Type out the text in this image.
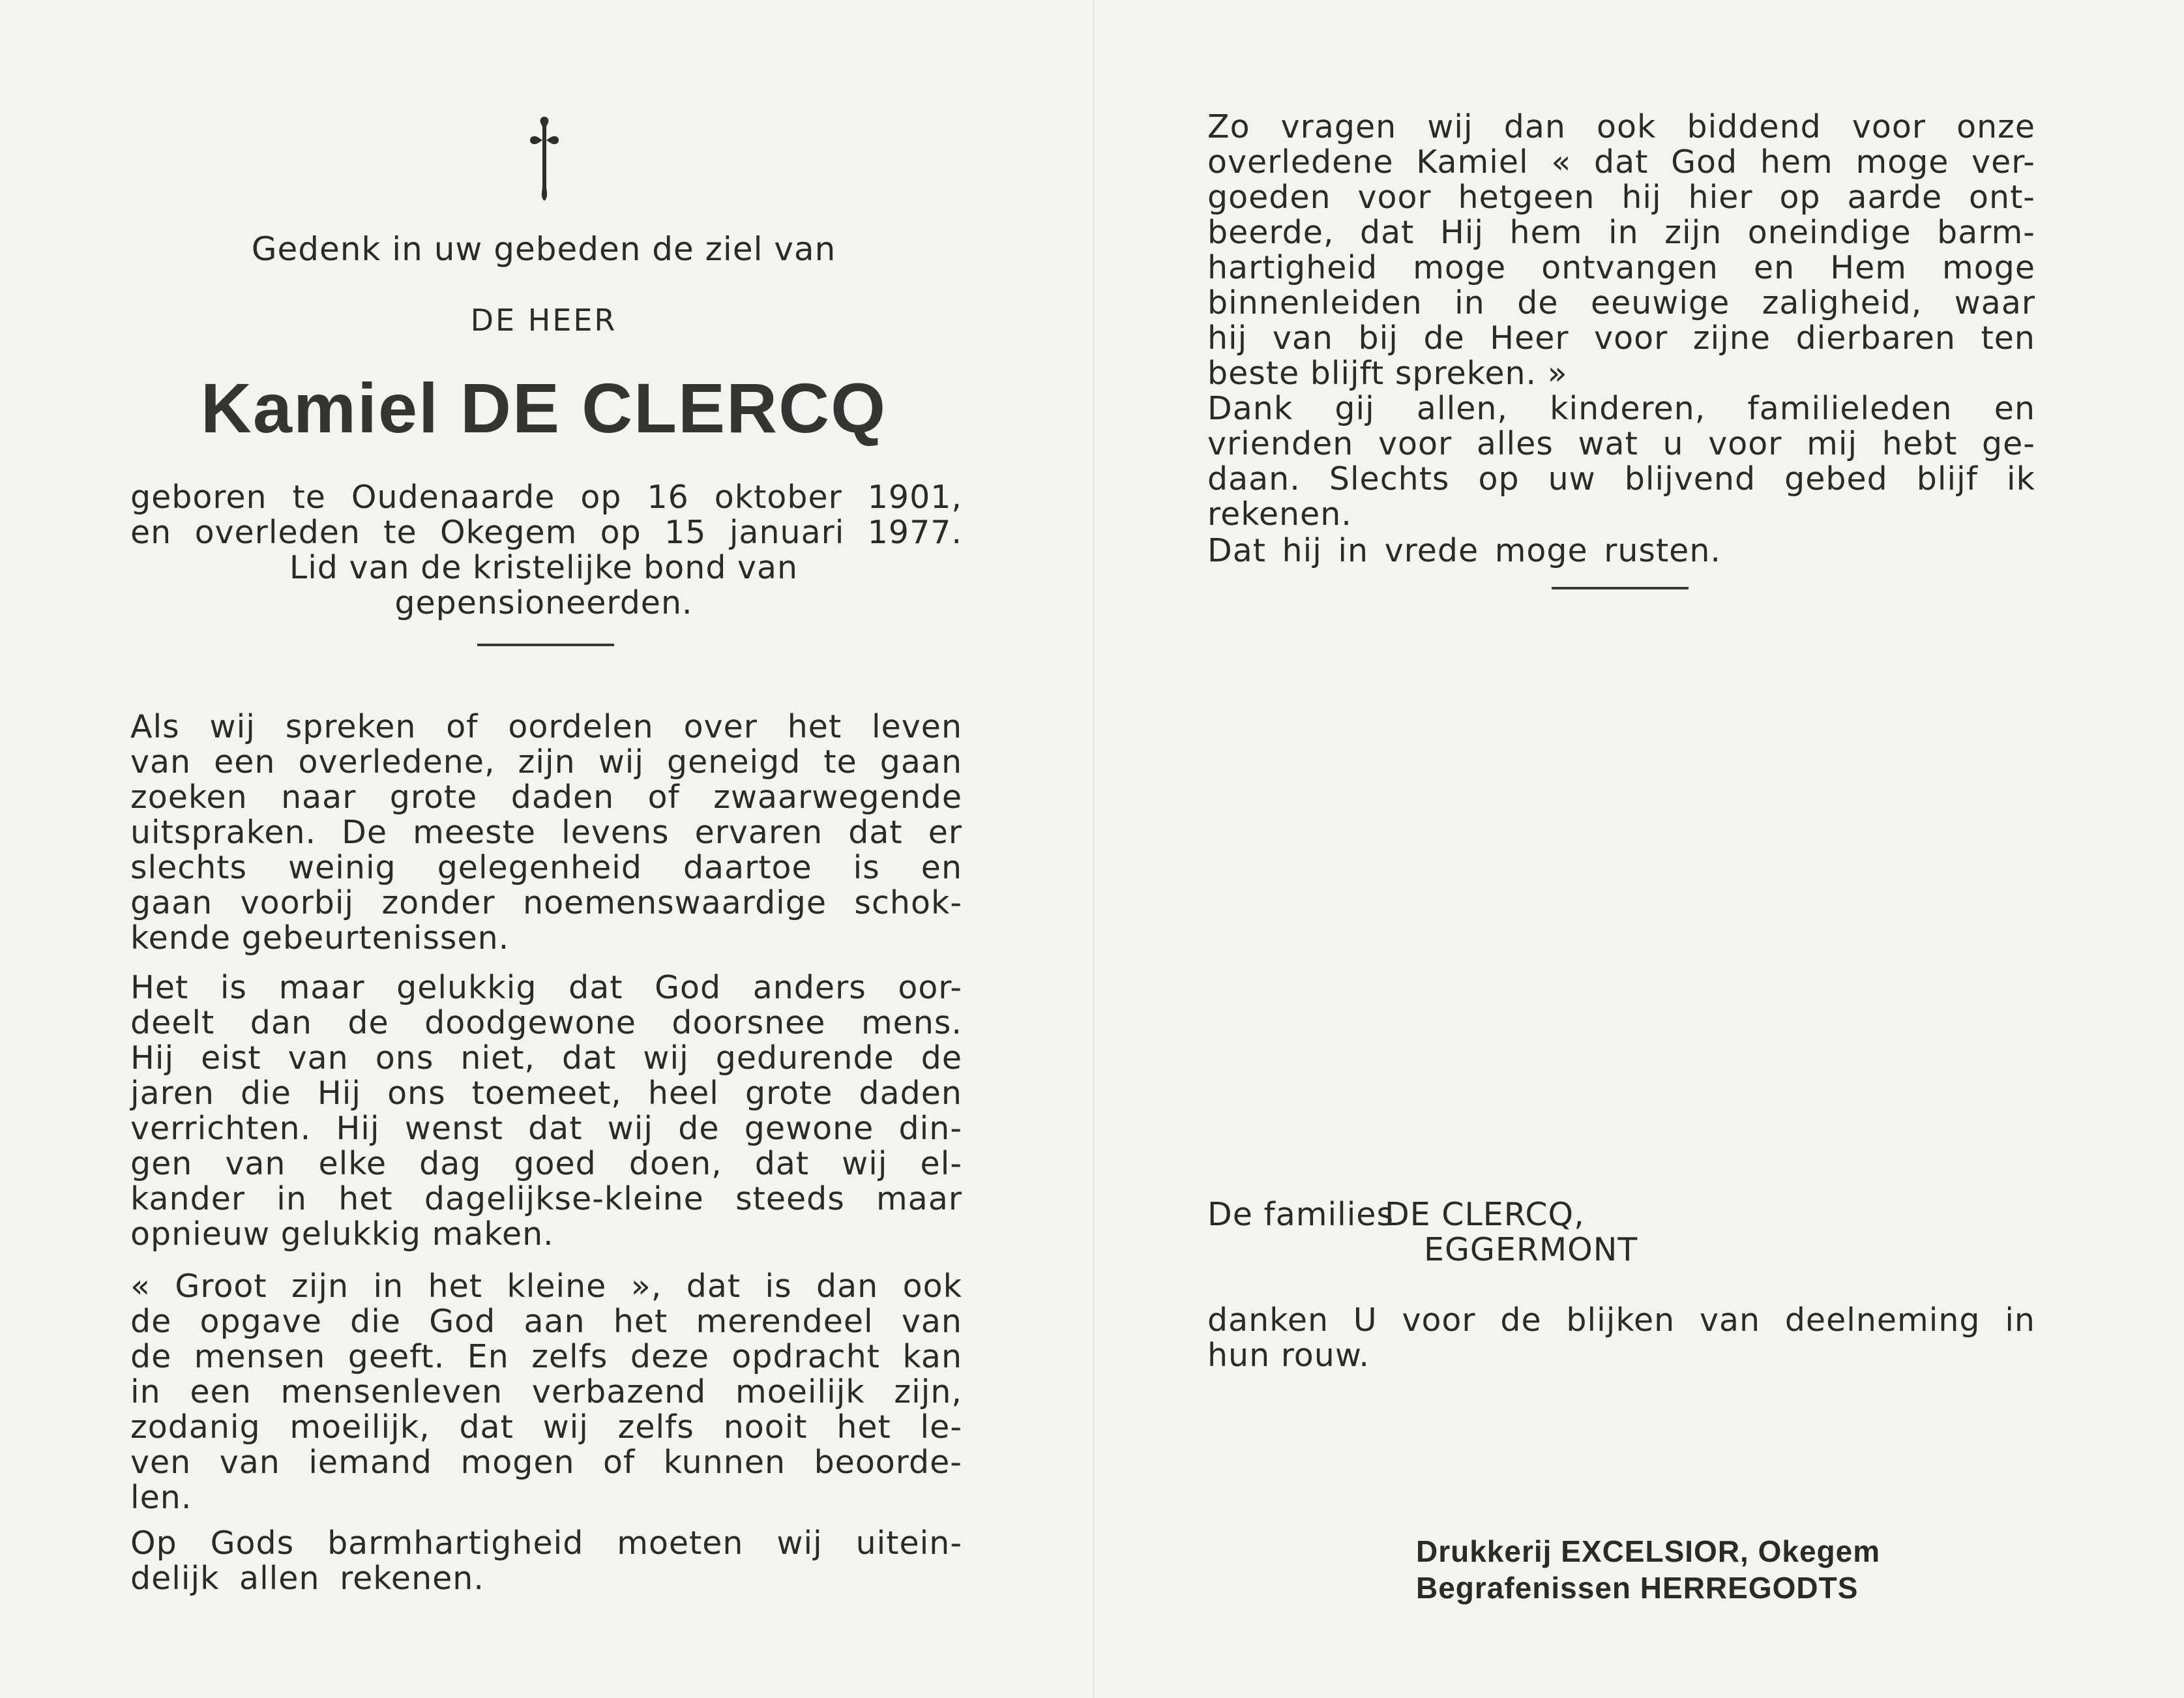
Gedenk in uw gebeden de ziel van
DE HEER
Kamiel DE CLERCQ
geboren te Oudenaarde op 16 oktober 1901,
en overleden te Okegem op 15 januari 1977.
Lid van de kristelijke bond van
gepensioneerden.
Als wij spreken of oordelen over het leven
van een overledene, zijn wij geneigd te gaan
zoeken naar grote daden of zwaarwegende
uitspraken. De meeste levens ervaren dat er
slechts weinig gelegenheid daartoe is en
gaan voorbij zonder noemenswaardige schok-
kende gebeurtenissen.
Het is maar gelukkig dat God anders oor-
deelt dan de doodgewone doorsnee mens.
Hij eist van ons niet, dat wij gedurende de
jaren die Hij ons toemeet, heel grote daden
verrichten. Hij wenst dat wij de gewone din-
gen van elke dag goed doen, dat wij el-
kander in het dagelijkse-kleine steeds maar
opnieuw gelukkig maken.
« Groot zijn in het kleine », dat is dan ook
de opgave die God aan het merendeel van
de mensen geeft. En zelfs deze opdracht kan
in een mensenleven verbazend moeilijk zijn,
zodanig moeilijk, dat wij zelfs nooit het le-
ven van iemand mogen of kunnen beoorde-
len.
Op Gods barmhartigheid moeten wij uitein-
delijk allen rekenen.
Zo vragen wij dan ook biddend voor onze
overledene Kamiel « dat God hem moge ver-
goeden voor hetgeen hij hier op aarde ont-
beerde, dat Hij hem in zijn oneindige barm-
hartigheid moge ontvangen en Hem moge
binnenleiden in de eeuwige zaligheid, waar
hij van bij de Heer voor zijne dierbaren ten
beste blijft spreken. »
Dank gij allen, kinderen, familieleden en
vrienden voor alles wat u voor mij hebt ge-
daan. Slechts op uw blijvend gebed blijf ik
rekenen.
Dat hij in vrede moge rusten.
De families
DE CLERCQ,
EGGERMONT
danken U voor de blijken van deelneming in
hun rouw.
Drukkerij EXCELSIOR, Okegem
Begrafenissen HERREGODTS
